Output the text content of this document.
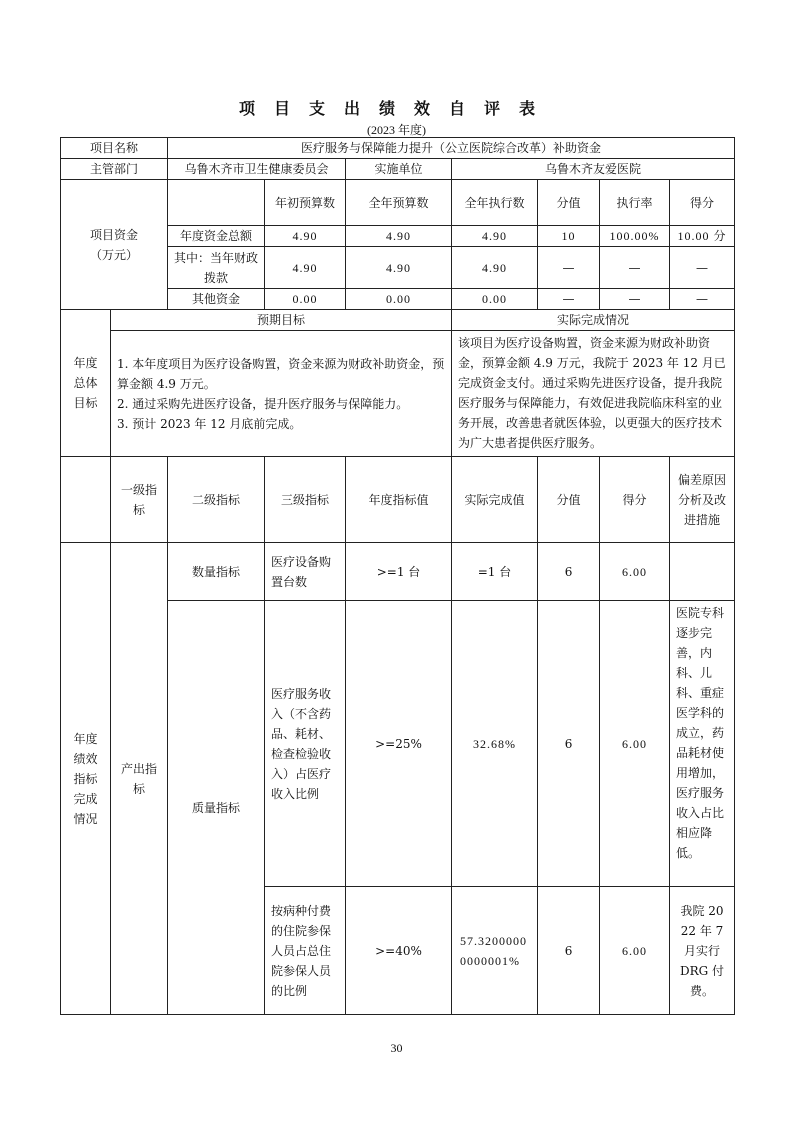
项目支出绩效自评表
(2023 年度)
项目名称		医疗服务与保障能力提升（公立医院综合改革）补助资金						
主管部门		乌鲁木齐市卫生健康委员会		实施单位	乌鲁木齐友爱医院			
项目资金
（万元）			年初预算数	全年预算数	全年执行数	分值	执行率	得分
		年度资金总额	4.90	4.90	4.90	10	100.00%	10.00 分
		其中：当年财政拨款	4.90	4.90	4.90	—	—	—
		其他资金	0.00	0.00	0.00	—	—	—
年度总体目标	预期目标				实际完成情况			
	1. 本年度项目为医疗设备购置，资金来源为财政补助资金，预算金额 4.9 万元。
2. 通过采购先进医疗设备，提升医疗服务与保障能力。
3. 预计 2023 年 12 月底前完成。				该项目为医疗设备购置，资金来源为财政补助资金，预算金额 4.9 万元，我院于 2023 年 12 月已完成资金支付。通过采购先进医疗设备，提升我院医疗服务与保障能力，有效促进我院临床科室的业务开展，改善患者就医体验，以更强大的医疗技术为广大患者提供医疗服务。			
	一级指标	二级指标	三级指标	年度指标值	实际完成值	分值	得分	偏差原因分析及改进措施
年度绩效指标完成情况	产出指标	数量指标	医疗设备购置台数	>=1 台	=1 台	6	6.00	
		质量指标	医疗服务收入（不含药品、耗材、检查检验收入）占医疗收入比例	>=25%	32.68%	6	6.00	医院专科逐步完善，内科、儿科、重症医学科的成立，药品耗材使用增加，医疗服务收入占比相应降低。
			按病种付费的住院参保人员占总住院参保人员的比例	>=40%	57.32000000000001%	6	6.00	我院 2022 年 7 月实行 DRG 付费。
30
